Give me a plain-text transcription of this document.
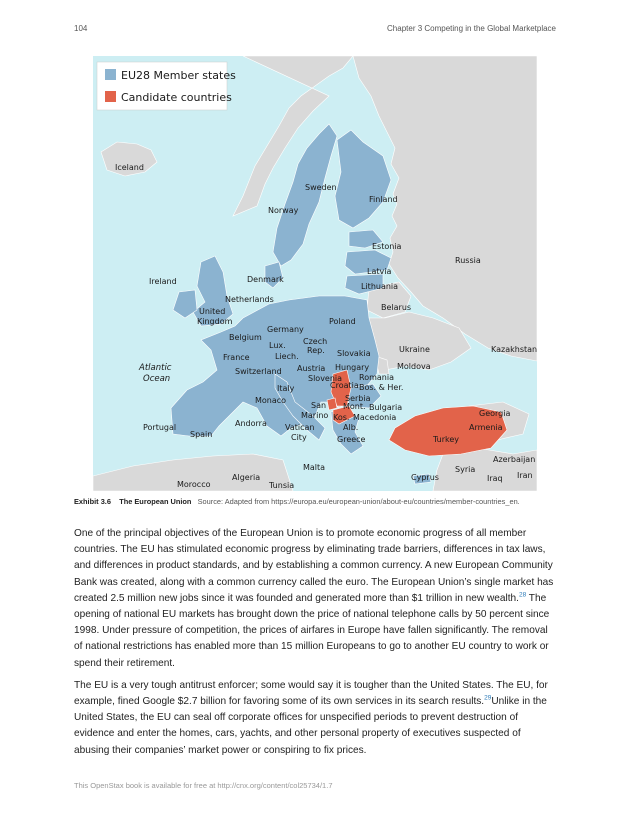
104	Chapter 3 Competing in the Global Marketplace
EU28 Member states
Candidate countries
Iceland
Sweden
Finland
Norway
Estonia
Russia
Latvia
Lithuania
Ireland	Denmark
Netherlands
United Kingdom
Belarus
Germany
Poland
Belgium
Lux. Czech Rep.	Ukraine	Kazakhstan
France	Liech.	Slovakia
Moldova
Switzerland Austria Hungary
Slovenia Romania
Italy	Croatia Bos. & Her.
Monaco	Serbia
Bulgaria
San Marino
Mont.
Kos. Macedonia
Alb.
Georgia
Portugal
Spain
Andorra Vatican City	Greece	Turkey
Armenia
Azerbaijan
Malta	Syria
Algeria	Cyprus	Iraq Iran
Morocco	Tunsia
Atlantic Ocean
Exhibit 3.6 The European Union Source: Adapted from https://europa.eu/european-union/about-eu/countries/member-countries_en.

One of the principal objectives of the European Union is to promote economic progress of all member countries. The EU has stimulated economic progress by eliminating trade barriers, differences in tax laws, and differences in product standards, and by establishing a common currency. A new European Community Bank was created, along with a common currency called the euro. The European Union’s single market has created 2.5 million new jobs since it was founded and generated more than $1 trillion in new wealth.$^{28}$ The opening of national EU markets has brought down the price of national telephone calls by 50 percent since 1998. Under pressure of competition, the prices of airfares in Europe have fallen significantly. The removal of national restrictions has enabled more than 15 million Europeans to go to another EU country to work or spend their retirement.

The EU is a very tough antitrust enforcer; some would say it is tougher than the United States. The EU, for example, fined Google $2.7 billion for favoring some of its own services in its search results.$^{29}$Unlike in the United States, the EU can seal off corporate offices for unspecified periods to prevent destruction of evidence and enter the homes, cars, yachts, and other personal property of executives suspected of abusing their companies’ market power or conspiring to fix prices.

This OpenStax book is available for free at http://cnx.org/content/col25734/1.7
